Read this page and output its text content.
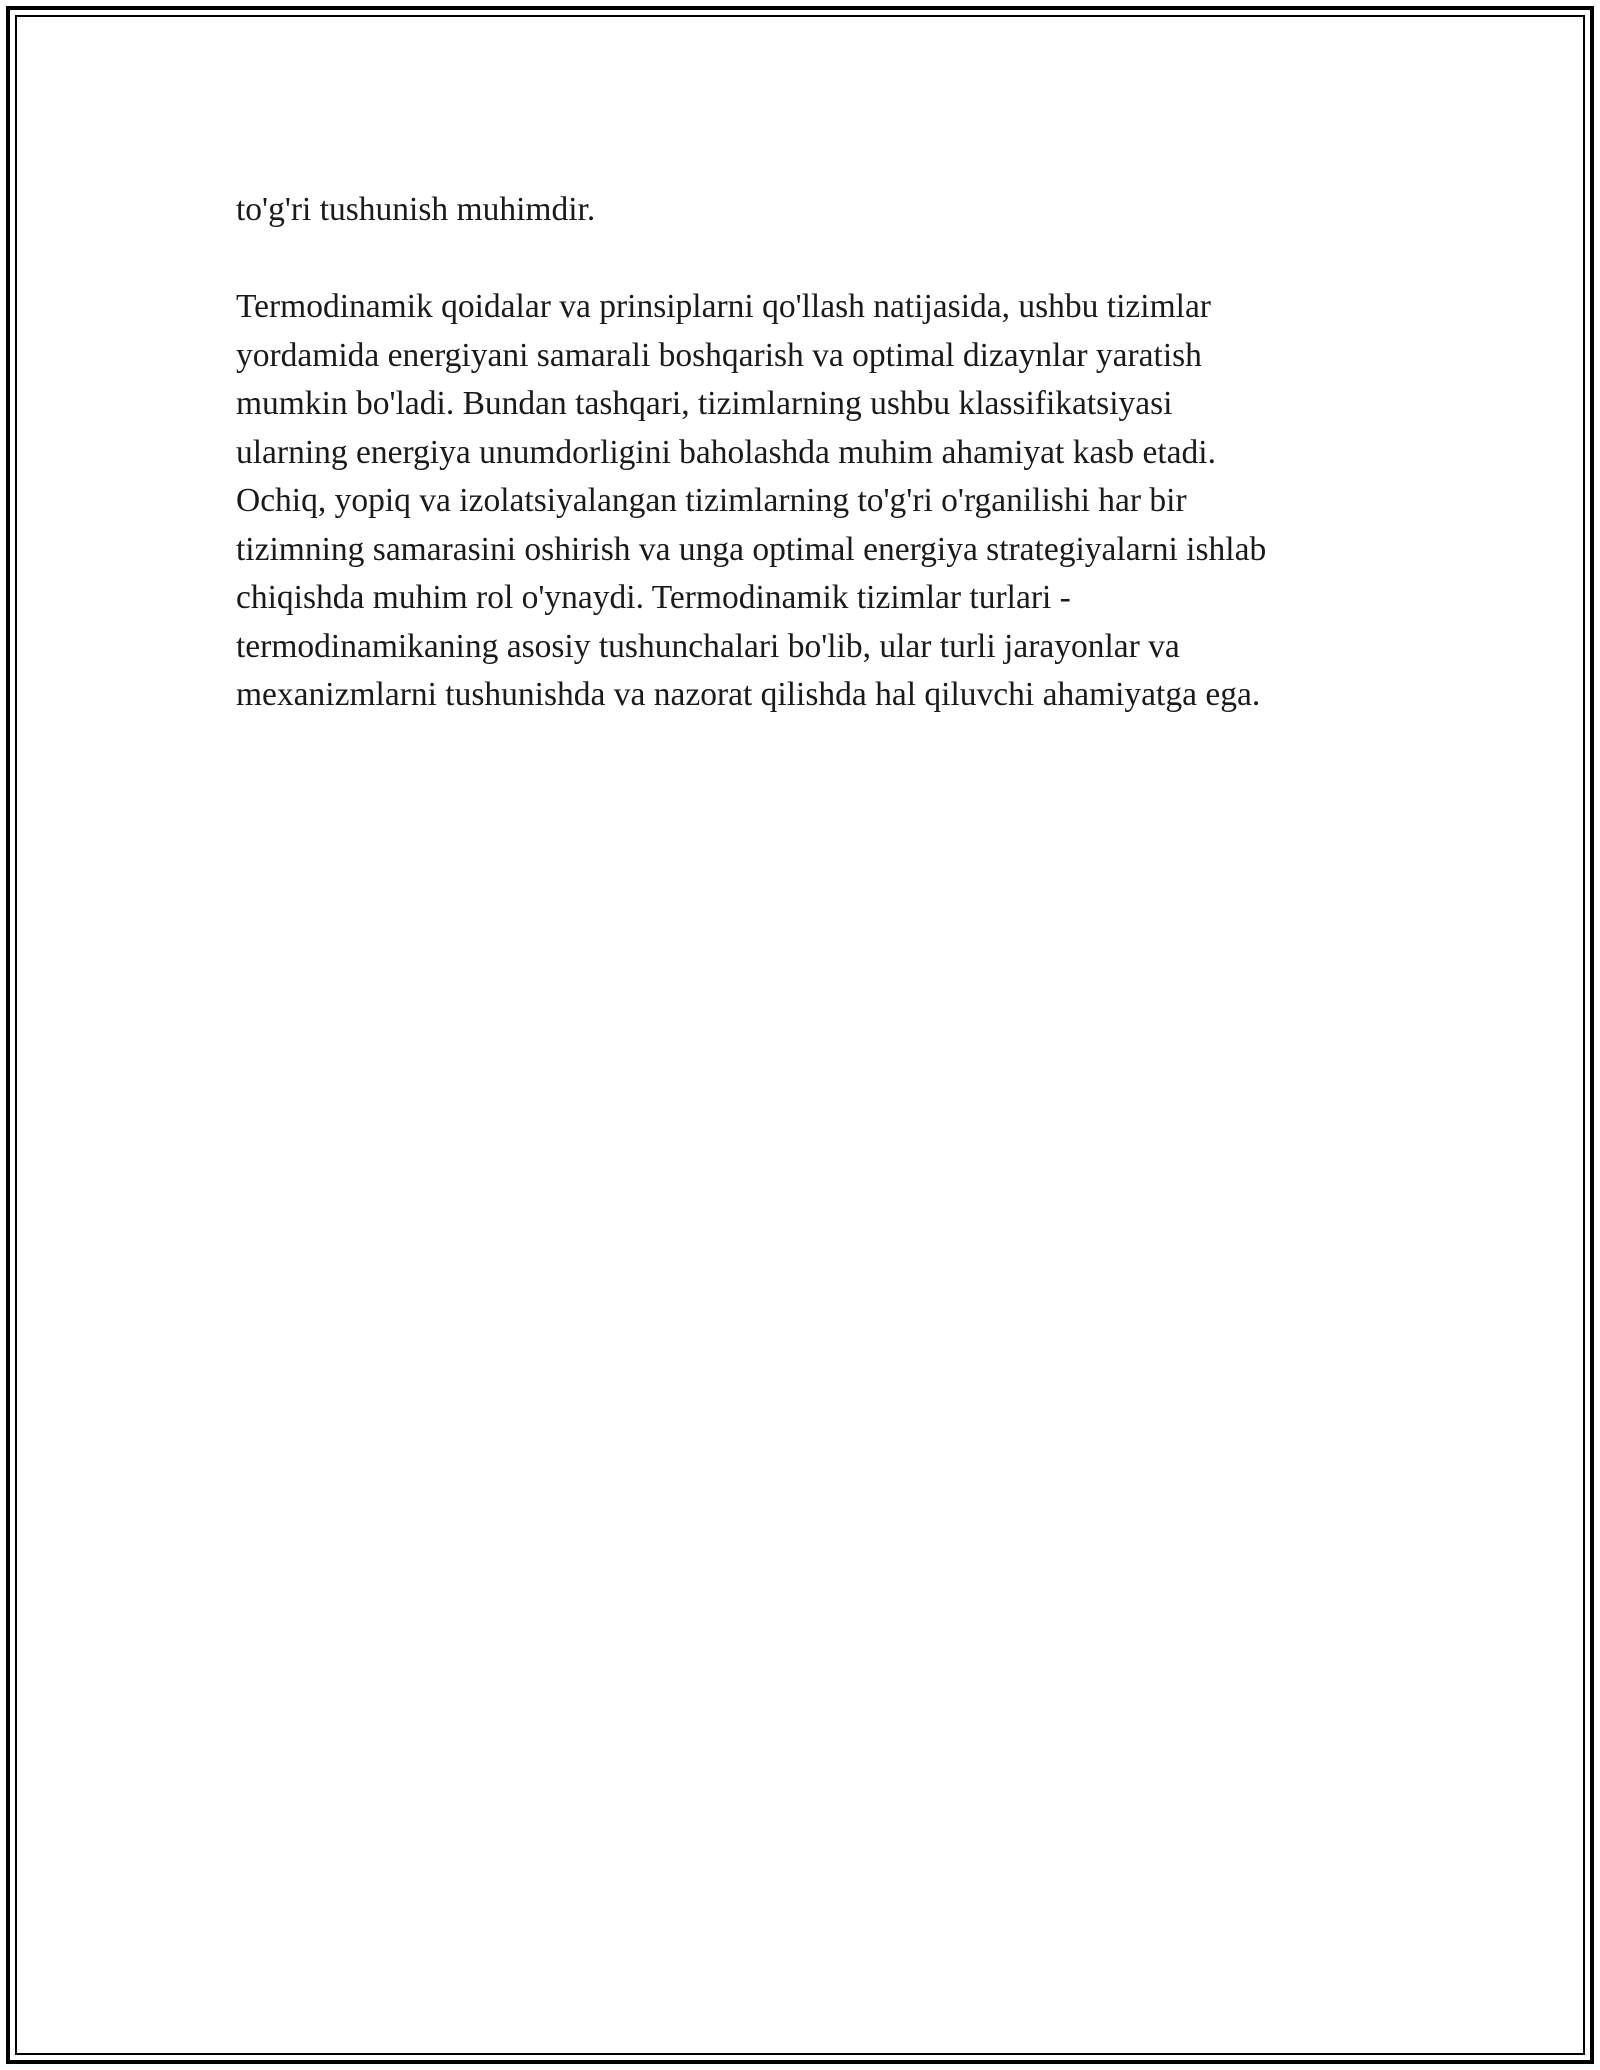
to'g'ri tushunish muhimdir.
Termodinamik qoidalar va prinsiplarni qo'llash natijasida, ushbu tizimlar
yordamida energiyani samarali boshqarish va optimal dizaynlar yaratish
mumkin bo'ladi. Bundan tashqari, tizimlarning ushbu klassifikatsiyasi
ularning energiya unumdorligini baholashda muhim ahamiyat kasb etadi.
Ochiq, yopiq va izolatsiyalangan tizimlarning to'g'ri o'rganilishi har bir
tizimning samarasini oshirish va unga optimal energiya strategiyalarni ishlab
chiqishda muhim rol o'ynaydi. Termodinamik tizimlar turlari -
termodinamikaning asosiy tushunchalari bo'lib, ular turli jarayonlar va
mexanizmlarni tushunishda va nazorat qilishda hal qiluvchi ahamiyatga ega.
